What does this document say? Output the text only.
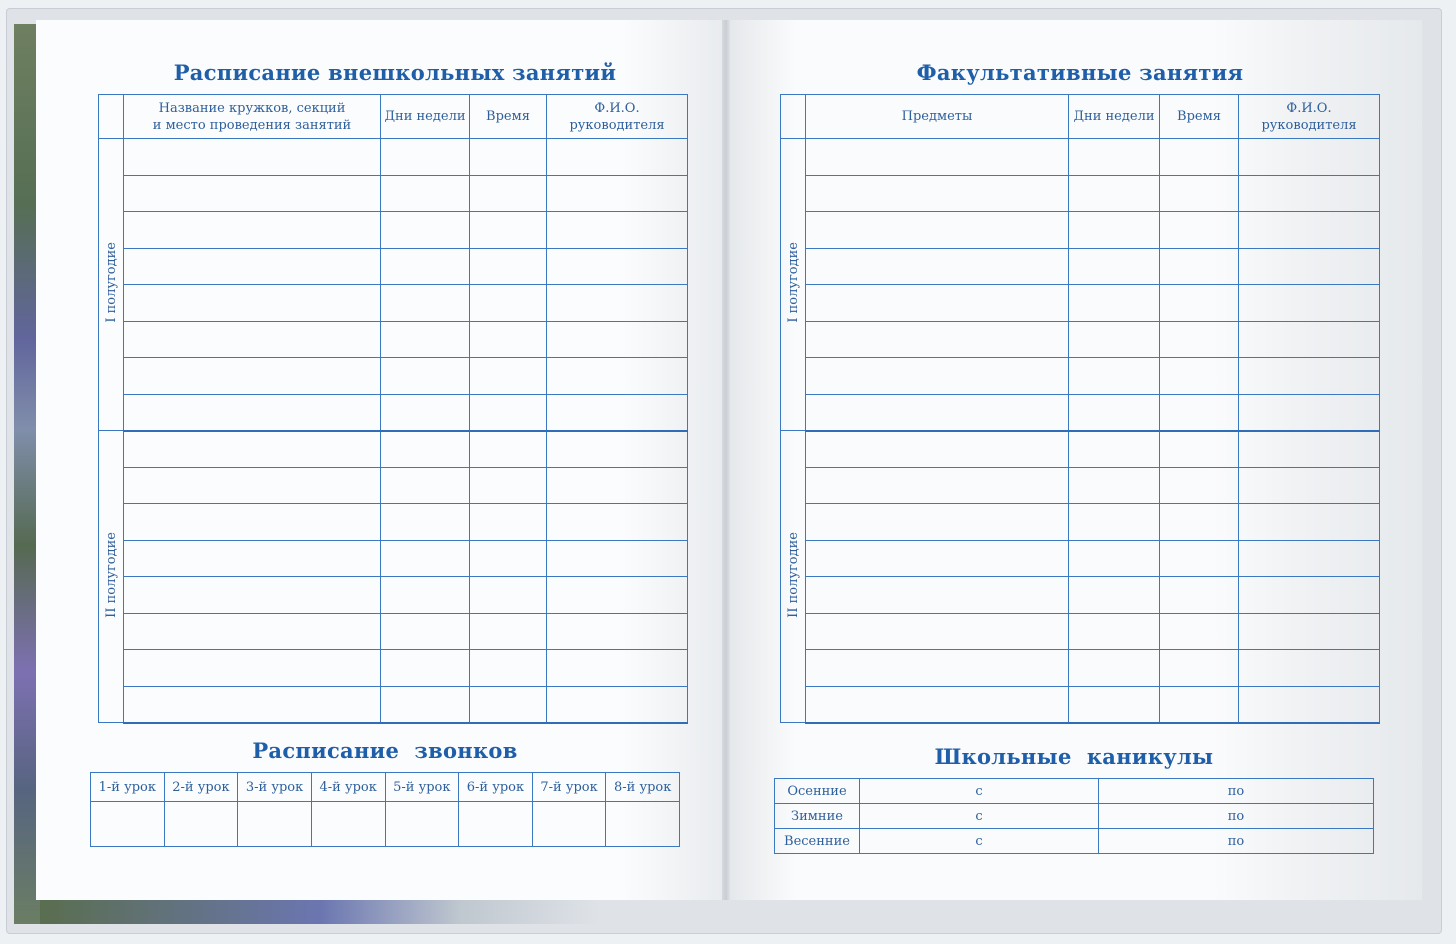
Расписание внешкольных занятий
	Название кружков, секций
и место проведения занятий	Дни недели	Время	Ф.И.О.
руководителя
I полугодие				

II полугодие				

Расписание  звонков
1-й урок	2-й урок	3-й урок	4-й урок	5-й урок	6-й урок	7-й урок	8-й урок

Факультативные занятия
	Предметы	Дни недели	Время	Ф.И.О.
руководителя
I полугодие				

II полугодие				

Школьные  каникулы
Осенние	с	по
Зимние	с	по
Весенние	с	по
